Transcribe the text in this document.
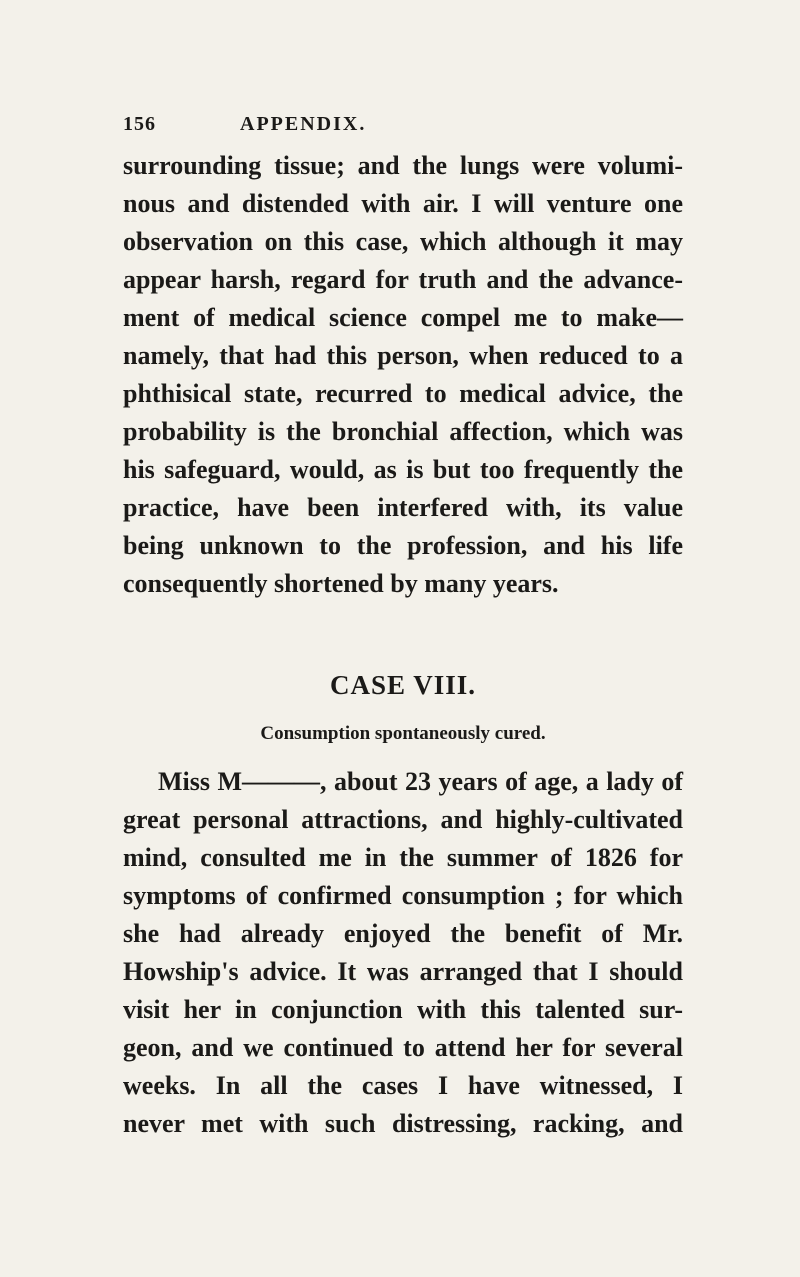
156	APPENDIX.
surrounding tissue; and the lungs were volumi-
nous and distended with air. I will venture one
observation on this case, which although it may
appear harsh, regard for truth and the advance-
ment of medical science compel me to make—
namely, that had this person, when reduced to a
phthisical state, recurred to medical advice, the
probability is the bronchial affection, which was
his safeguard, would, as is but too frequently the
practice, have been interfered with, its value
being unknown to the profession, and his life
consequently shortened by many years.
CASE VIII.
Consumption spontaneously cured.
Miss M———, about 23 years of age, a lady of
great personal attractions, and highly-cultivated
mind, consulted me in the summer of 1826 for
symptoms of confirmed consumption ; for which
she had already enjoyed the benefit of Mr.
Howship's advice. It was arranged that I should
visit her in conjunction with this talented sur-
geon, and we continued to attend her for several
weeks. In all the cases I have witnessed, I
never met with such distressing, racking, and
